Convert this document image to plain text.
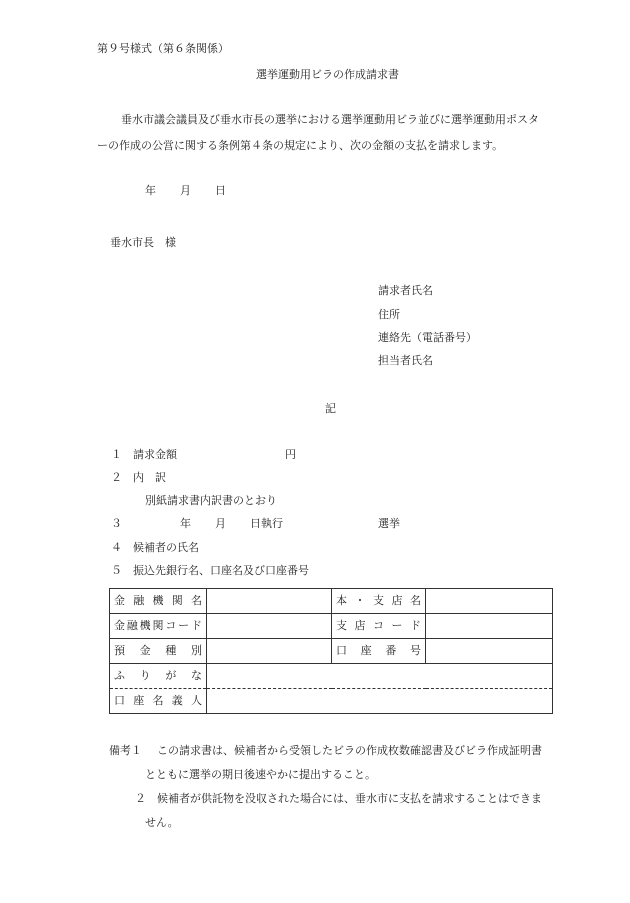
第９号様式（第６条関係）
選挙運動用ビラの作成請求書
垂水市議会議員及び垂水市長の選挙における選挙運動用ビラ並びに選挙運動用ポスタ
ーの作成の公営に関する条例第４条の規定により、次の金額の支払を請求します。
年 月 日
垂水市長　様
請求者氏名
住所
連絡先（電話番号）
担当者氏名
記
１ 請求金額	円
２ 内　訳
別紙請求書内訳書のとおり
３	年 月 日執行	選挙
４ 候補者の氏名
５ 振込先銀行名、口座名及び口座番号
金融機関名		本・支店名	
金融機関コード		支店コード	
預金種別		口座番号	
ふりがな			
口座名義人			
備考１ この請求書は、候補者から受領したビラの作成枚数確認書及びビラ作成証明書
とともに選挙の期日後速やかに提出すること。
２ 候補者が供託物を没収された場合には、垂水市に支払を請求することはできま
せん。
